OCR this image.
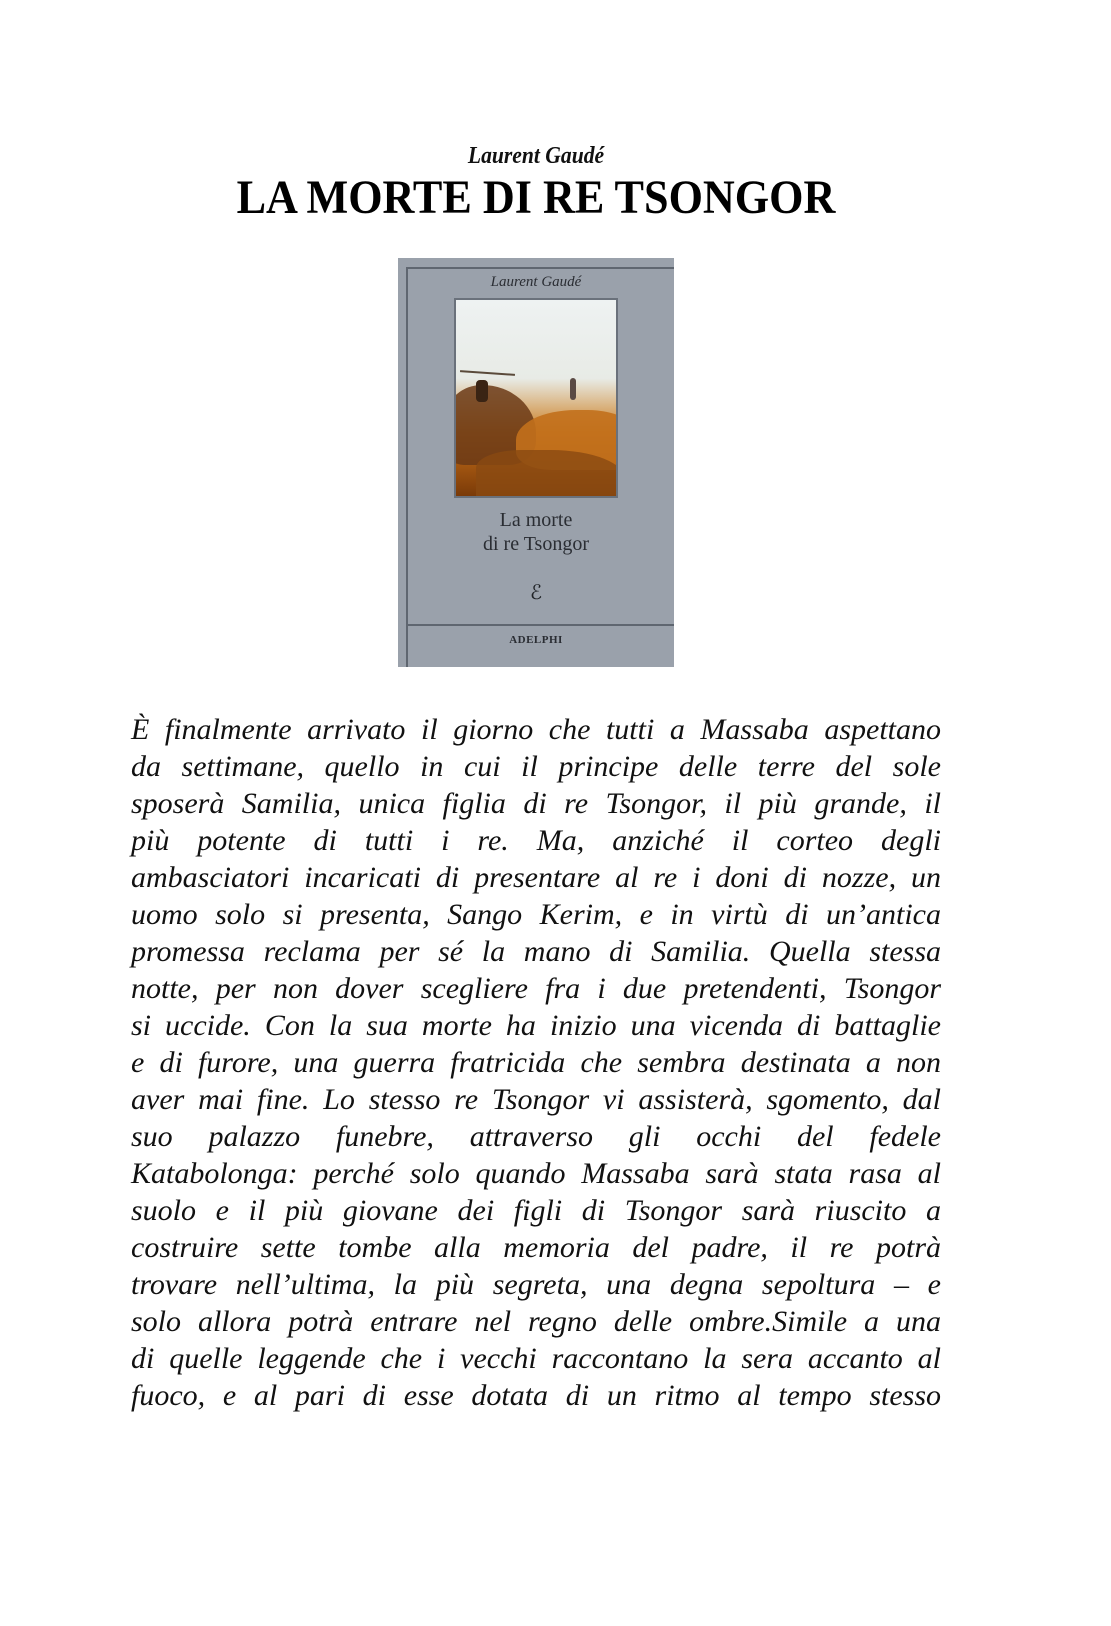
Laurent Gaudé
LA MORTE DI RE TSONGOR
Laurent Gaudé
La morte
di re Tsongor
ℰ
ADELPHI
È finalmente arrivato il giorno che tutti a Massaba aspettano
da settimane, quello in cui il principe delle terre del sole
sposerà Samilia, unica figlia di re Tsongor, il più grande, il
più potente di tutti i re. Ma, anziché il corteo degli
ambasciatori incaricati di presentare al re i doni di nozze, un
uomo solo si presenta, Sango Kerim, e in virtù di un’antica
promessa reclama per sé la mano di Samilia. Quella stessa
notte, per non dover scegliere fra i due pretendenti, Tsongor
si uccide. Con la sua morte ha inizio una vicenda di battaglie
e di furore, una guerra fratricida che sembra destinata a non
aver mai fine. Lo stesso re Tsongor vi assisterà, sgomento, dal
suo palazzo funebre, attraverso gli occhi del fedele
Katabolonga: perché solo quando Massaba sarà stata rasa al
suolo e il più giovane dei figli di Tsongor sarà riuscito a
costruire sette tombe alla memoria del padre, il re potrà
trovare nell’ultima, la più segreta, una degna sepoltura – e
solo allora potrà entrare nel regno delle ombre.Simile a una
di quelle leggende che i vecchi raccontano la sera accanto al
fuoco, e al pari di esse dotata di un ritmo al tempo stesso
